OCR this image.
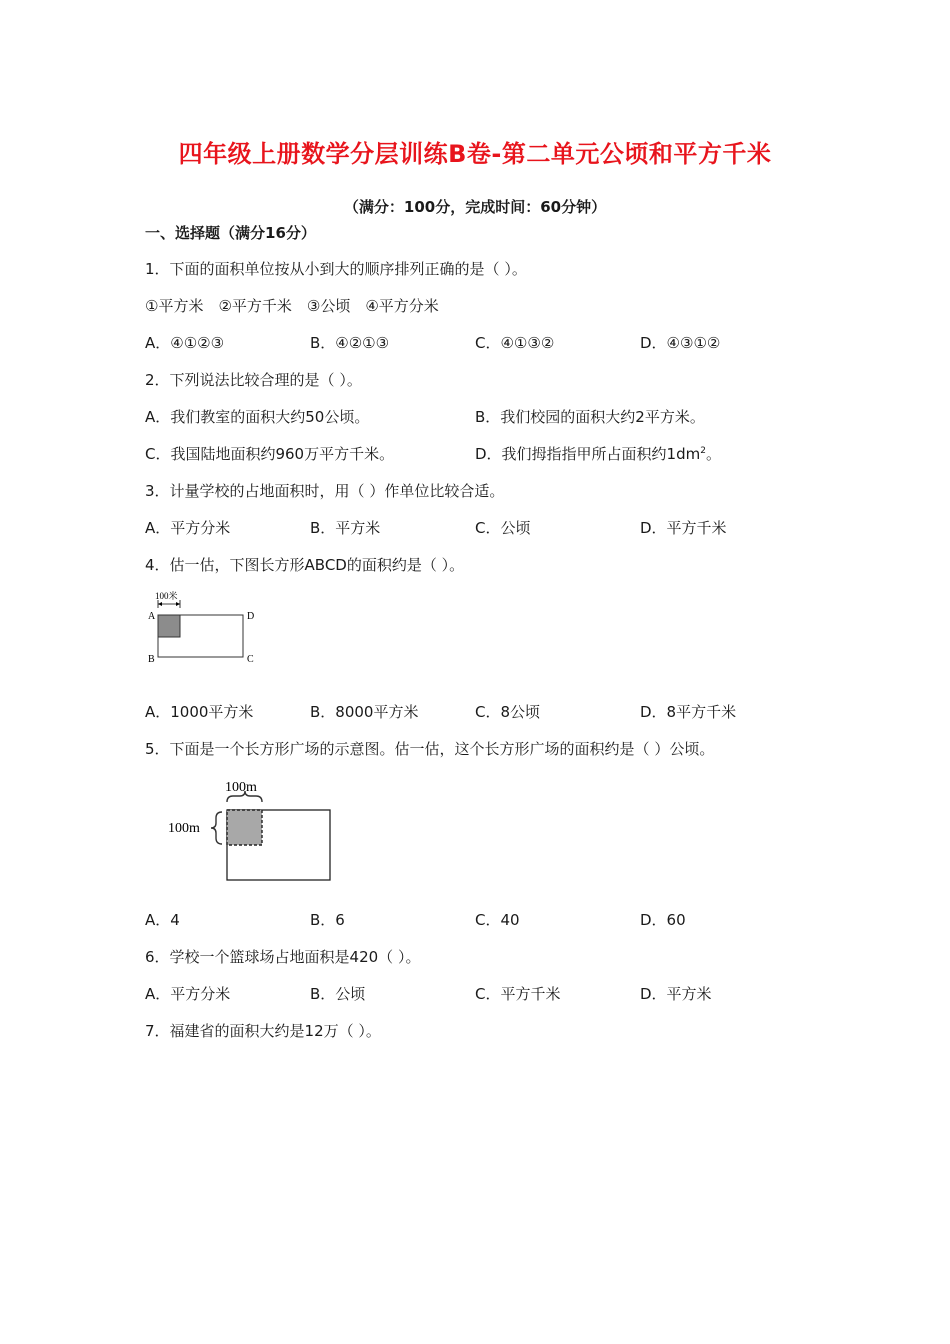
四年级上册数学分层训练B卷-第二单元公顷和平方千米
（满分：100分，完成时间：60分钟）
一、选择题（满分16分）
1．下面的面积单位按从小到大的顺序排列正确的是（ ）。
①平方米　②平方千米　③公顷　④平方分米
A．④①②③	B．④②①③	C．④①③②	D．④③①②
2．下列说法比较合理的是（ ）。
A．我们教室的面积大约50公顷。	B．我们校园的面积大约2平方米。
C．我国陆地面积约960万平方千米。	D．我们拇指指甲所占面积约$1dm^2$。
3．计量学校的占地面积时，用（ ）作单位比较合适。
A．平方分米	B．平方米	C．公顷	D．平方千米
4．估一估，下图长方形ABCD的面积约是（ ）。
100米
A	D
B	C
A．1000平方米	B．8000平方米	C．8公顷	D．8平方千米
5．下面是一个长方形广场的示意图。估一估，这个长方形广场的面积约是（ ）公顷。
100m
100m
A．4	B．6	C．40	D．60
6．学校一个篮球场占地面积是420（ ）。
A．平方分米	B．公顷	C．平方千米	D．平方米
7．福建省的面积大约是12万（ ）。
